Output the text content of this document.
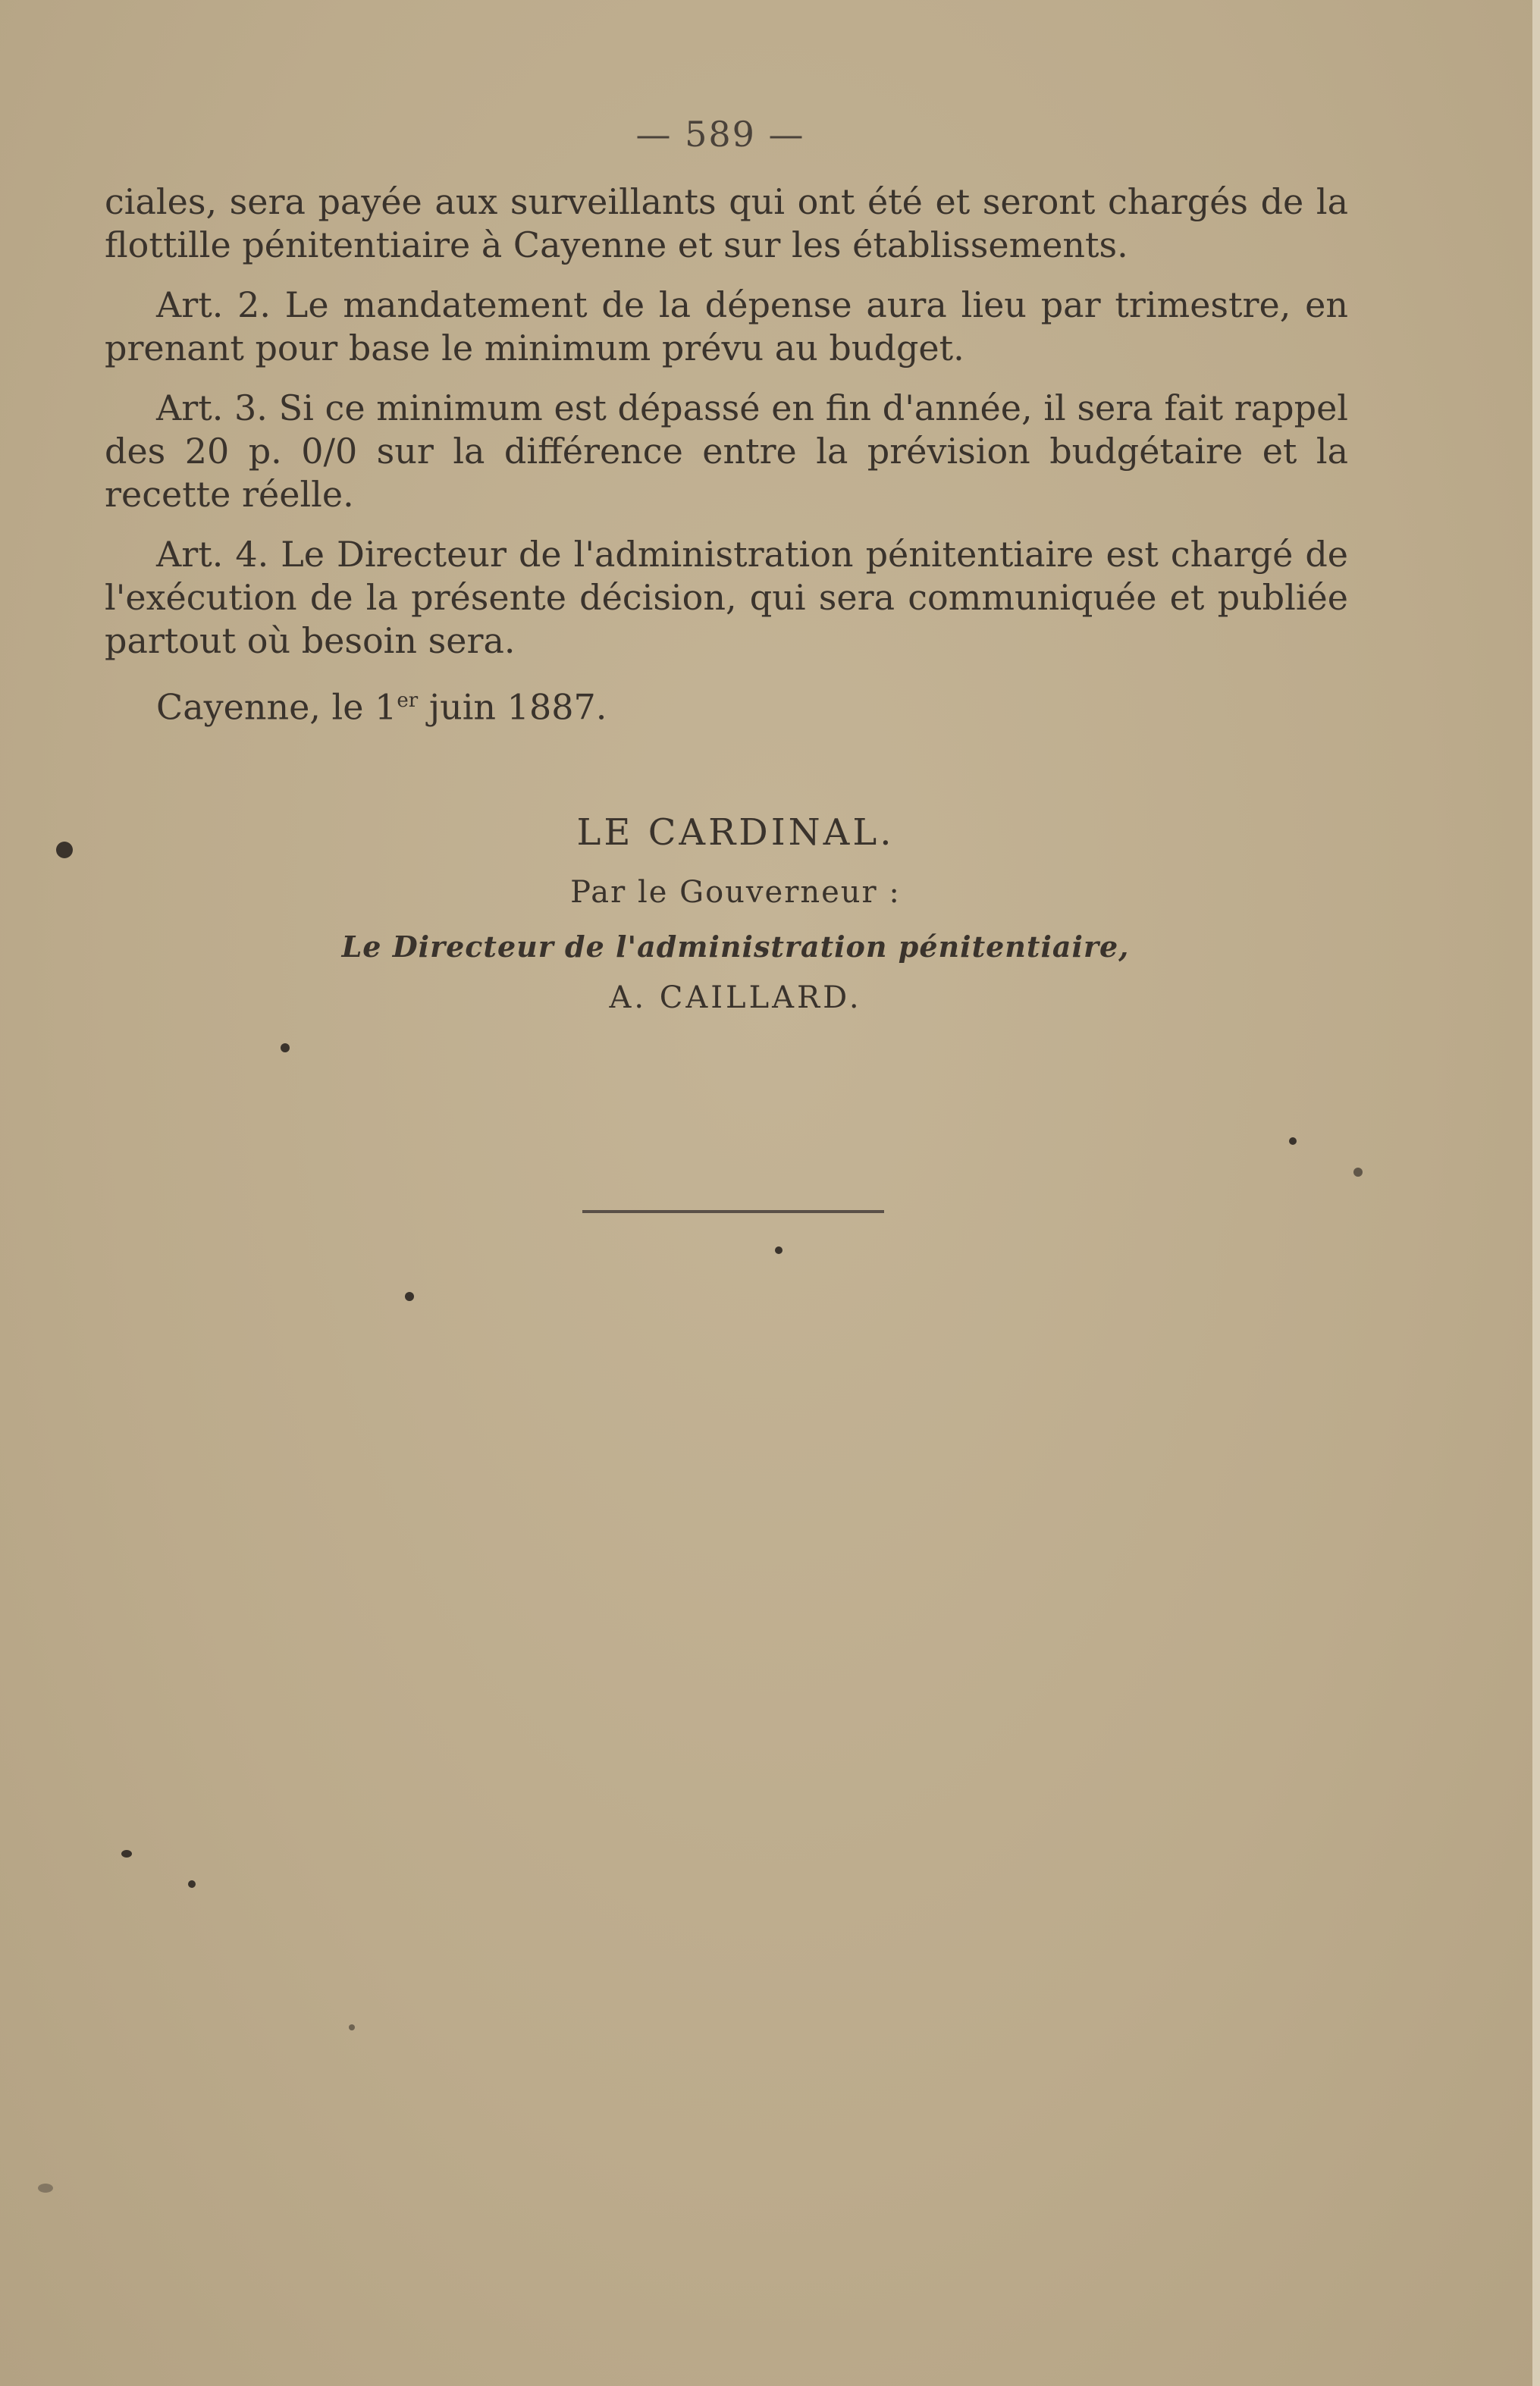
— 589 —

ciales, sera payée aux surveillants qui ont été et seront chargés de la flottille pénitentiaire à Cayenne et sur les établissements.

Art. 2. Le mandatement de la dépense aura lieu par trimestre, en prenant pour base le minimum prévu au budget.

Art. 3. Si ce minimum est dépassé en fin d'année, il sera fait rappel des 20 p. 0/0 sur la différence entre la prévision budgétaire et la recette réelle.

Art. 4. Le Directeur de l'administration pénitentiaire est chargé de l'exécution de la présente décision, qui sera communiquée et publiée partout où besoin sera.

Cayenne, le 1er juin 1887.

LE CARDINAL.
Par le Gouverneur :
Le Directeur de l'administration pénitentiaire,
A. CAILLARD.
